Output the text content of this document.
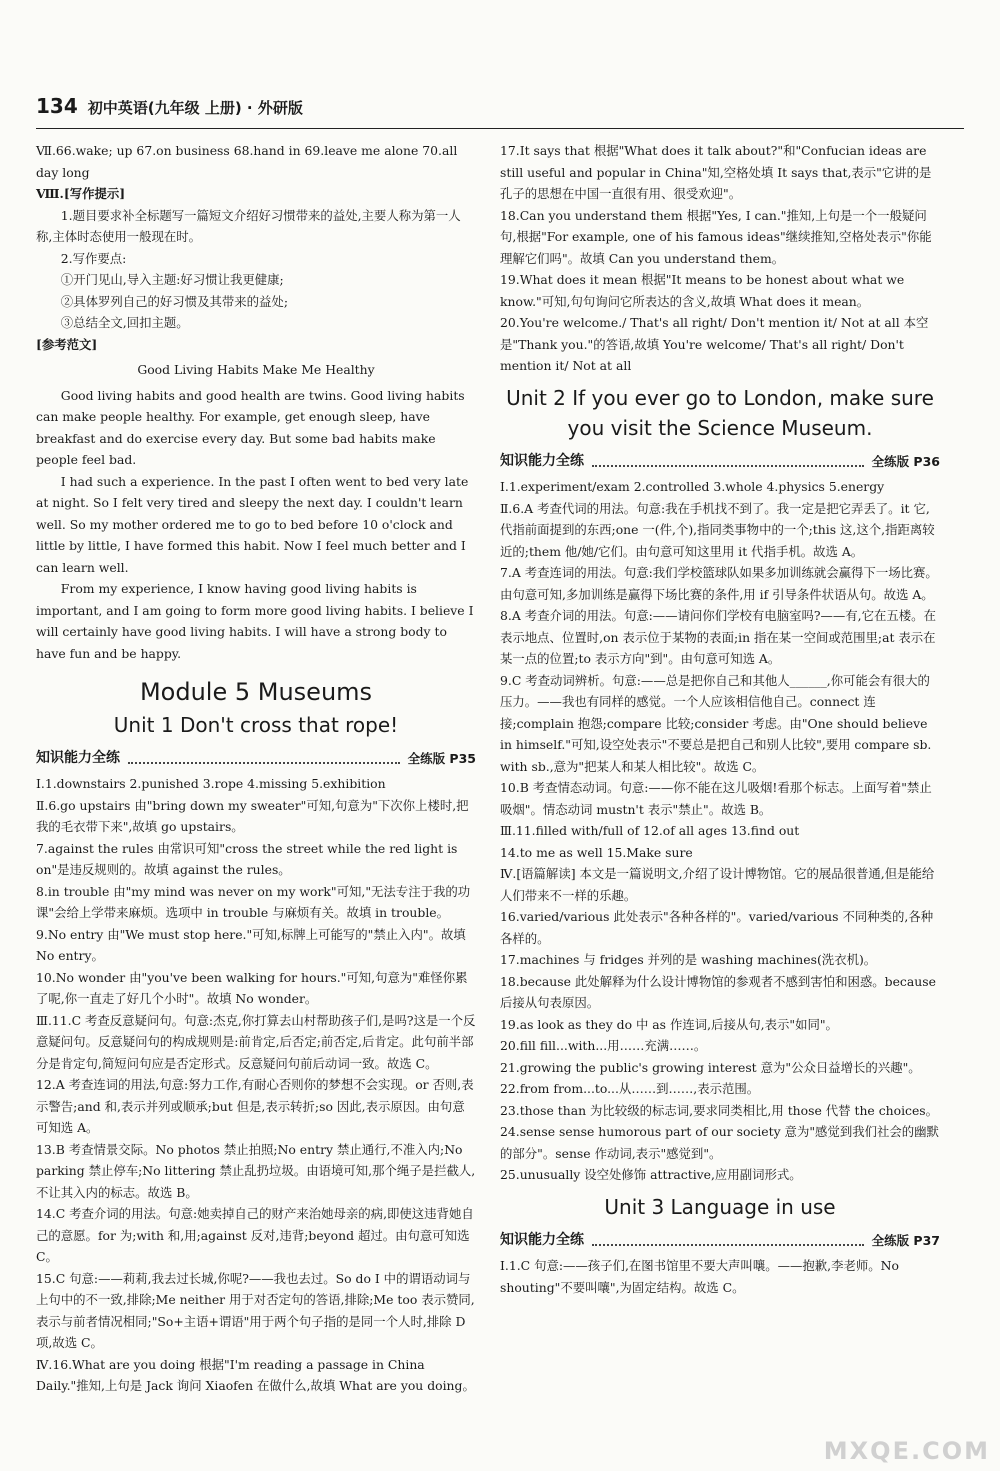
134 初中英语(九年级 上册) · 外研版

Ⅶ.66.wake; up 67.on business 68.hand in 69.leave me alone 70.all day long

Ⅷ.[写作提示]

1.题目要求补全标题写一篇短文介绍好习惯带来的益处,主要人称为第一人称,主体时态使用一般现在时。

2.写作要点:

①开门见山,导入主题:好习惯让我更健康;

②具体罗列自己的好习惯及其带来的益处;

③总结全文,回扣主题。

[参考范文]

Good Living Habits Make Me Healthy

Good living habits and good health are twins. Good living habits can make people healthy. For example, get enough sleep, have breakfast and do exercise every day. But some bad habits make people feel bad.

I had such a experience. In the past I often went to bed very late at night. So I felt very tired and sleepy the next day. I couldn't learn well. So my mother ordered me to go to bed before 10 o'clock and little by little, I have formed this habit. Now I feel much better and I can learn well.

From my experience, I know having good living habits is important, and I am going to form more good living habits. I believe I will certainly have good living habits. I will have a strong body to have fun and be happy.

Module 5 Museums
Unit 1 Don't cross that rope!
知识能力全练	全练版 P35

Ⅰ.1.downstairs 2.punished 3.rope 4.missing 5.exhibition

Ⅱ.6.go upstairs 由"bring down my sweater"可知,句意为"下次你上楼时,把我的毛衣带下来",故填 go upstairs。

7.against the rules 由常识可知"cross the street while the red light is on"是违反规则的。故填 against the rules。

8.in trouble 由"my mind was never on my work"可知,"无法专注于我的功课"会给上学带来麻烦。选项中 in trouble 与麻烦有关。故填 in trouble。

9.No entry 由"We must stop here."可知,标牌上可能写的"禁止入内"。故填 No entry。

10.No wonder 由"you've been walking for hours."可知,句意为"难怪你累了呢,你一直走了好几个小时"。故填 No wonder。

Ⅲ.11.C 考查反意疑问句。句意:杰克,你打算去山村帮助孩子们,是吗?这是一个反意疑问句。反意疑问句的构成规则是:前肯定,后否定;前否定,后肯定。此句前半部分是肯定句,简短问句应是否定形式。反意疑问句前后动词一致。故选 C。

12.A 考查连词的用法,句意:努力工作,有耐心否则你的梦想不会实现。or 否则,表示警告;and 和,表示并列或顺承;but 但是,表示转折;so 因此,表示原因。由句意可知选 A。

13.B 考查情景交际。No photos 禁止拍照;No entry 禁止通行,不准入内;No parking 禁止停车;No littering 禁止乱扔垃圾。由语境可知,那个绳子是拦截人,不让其入内的标志。故选 B。

14.C 考查介词的用法。句意:她卖掉自己的财产来治她母亲的病,即使这违背她自己的意愿。for 为;with 和,用;against 反对,违背;beyond 超过。由句意可知选 C。

15.C 句意:——莉莉,我去过长城,你呢?——我也去过。So do I 中的谓语动词与上句中的不一致,排除;Me neither 用于对否定句的答语,排除;Me too 表示赞同,表示与前者情况相同;"So+主语+谓语"用于两个句子指的是同一个人时,排除 D 项,故选 C。

Ⅳ.16.What are you doing 根据"I'm reading a passage in China Daily."推知,上句是 Jack 询问 Xiaofen 在做什么,故填 What are you doing。

17.It says that 根据"What does it talk about?"和"Confucian ideas are still useful and popular in China"知,空格处填 It says that,表示"它讲的是孔子的思想在中国一直很有用、很受欢迎"。

18.Can you understand them 根据"Yes, I can."推知,上句是一个一般疑问句,根据"For example, one of his famous ideas"继续推知,空格处表示"你能理解它们吗"。故填 Can you understand them。

19.What does it mean 根据"It means to be honest about what we know."可知,句句询问它所表达的含义,故填 What does it mean。

20.You're welcome./ That's all right/ Don't mention it/ Not at all 本空是"Thank you."的答语,故填 You're welcome/ That's all right/ Don't mention it/ Not at all

Unit 2 If you ever go to London, make sure you visit the Science Museum.
知识能力全练	全练版 P36

Ⅰ.1.experiment/exam 2.controlled 3.whole 4.physics 5.energy

Ⅱ.6.A 考查代词的用法。句意:我在手机找不到了。我一定是把它弄丢了。it 它,代指前面提到的东西;one 一(件,个),指同类事物中的一个;this 这,这个,指距离较近的;them 他/她/它们。由句意可知这里用 it 代指手机。故选 A。

7.A 考查连词的用法。句意:我们学校篮球队如果多加训练就会赢得下一场比赛。由句意可知,多加训练是赢得下场比赛的条件,用 if 引导条件状语从句。故选 A。

8.A 考查介词的用法。句意:——请问你们学校有电脑室吗?——有,它在五楼。在表示地点、位置时,on 表示位于某物的表面;in 指在某一空间或范围里;at 表示在某一点的位置;to 表示方向"到"。由句意可知选 A。

9.C 考查动词辨析。句意:——总是把你自己和其他人______,你可能会有很大的压力。——我也有同样的感觉。一个人应该相信他自己。connect 连接;complain 抱怨;compare 比较;consider 考虑。由"One should believe in himself."可知,设空处表示"不要总是把自己和别人比较",要用 compare sb. with sb.,意为"把某人和某人相比较"。故选 C。

10.B 考查情态动词。句意:——你不能在这儿吸烟!看那个标志。上面写着"禁止吸烟"。情态动词 mustn't 表示"禁止"。故选 B。

Ⅲ.11.filled with/full of 12.of all ages 13.find out

14.to me as well 15.Make sure

Ⅳ.[语篇解读] 本文是一篇说明文,介绍了设计博物馆。它的展品很普通,但是能给人们带来不一样的乐趣。

16.varied/various 此处表示"各种各样的"。varied/various 不同种类的,各种各样的。

17.machines 与 fridges 并列的是 washing machines(洗衣机)。

18.because 此处解释为什么设计博物馆的参观者不感到害怕和困惑。because 后接从句表原因。

19.as look as they do 中 as 作连词,后接从句,表示"如同"。

20.fill fill...with...用……充满……。

21.growing the public's growing interest 意为"公众日益增长的兴趣"。

22.from from...to...从……到……,表示范围。

23.those than 为比较级的标志词,要求同类相比,用 those 代替 the choices。

24.sense sense humorous part of our society 意为"感觉到我们社会的幽默的部分"。sense 作动词,表示"感觉到"。

25.unusually 设空处修饰 attractive,应用副词形式。

Unit 3 Language in use
知识能力全练	全练版 P37

Ⅰ.1.C 句意:——孩子们,在图书馆里不要大声叫嚷。——抱歉,李老师。No shouting"不要叫嚷",为固定结构。故选 C。

MXQE.COM
